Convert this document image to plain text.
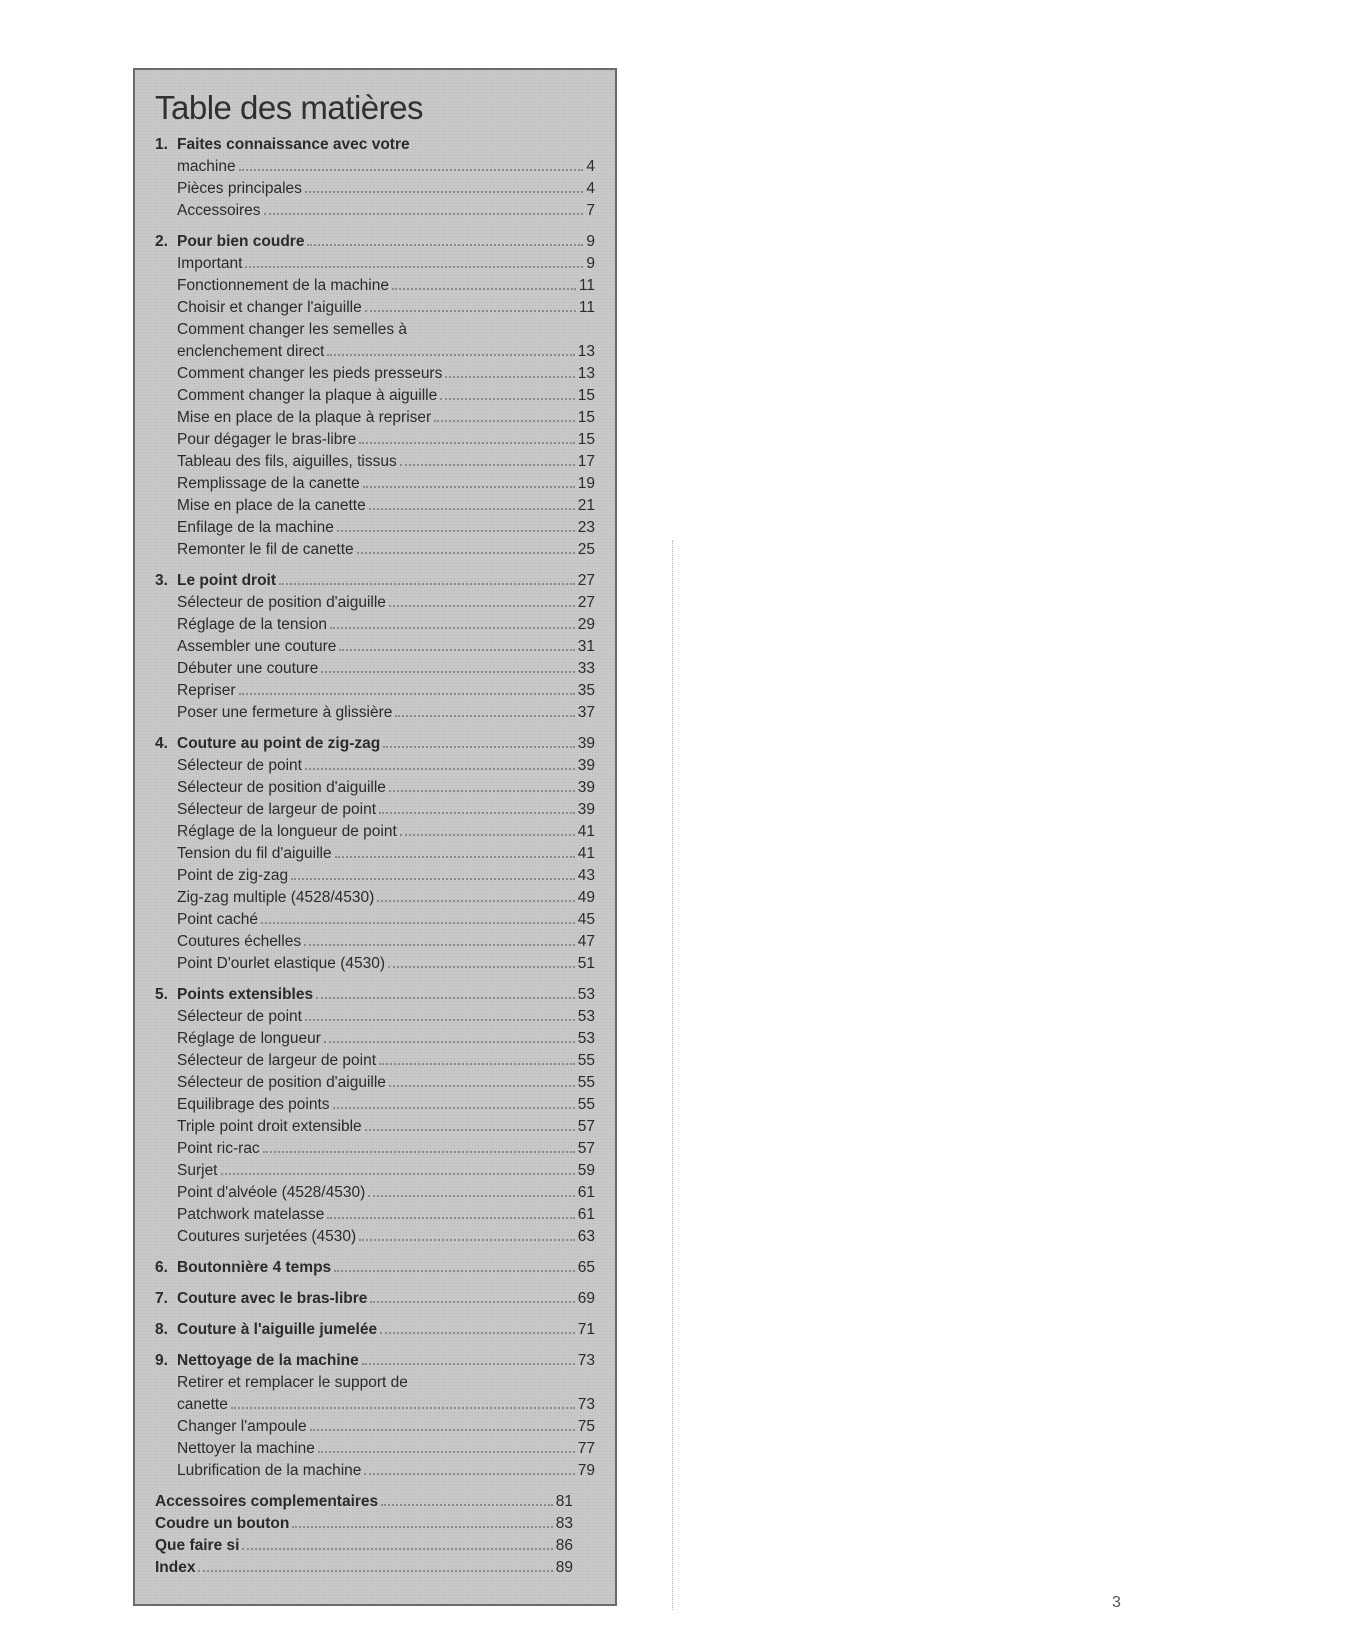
Table des matières
1. Faites connaissance avec votre
machine	4
Pièces principales	4
Accessoires	7
2. Pour bien coudre	9
Important	9
Fonctionnement de la machine	11
Choisir et changer l'aiguille	11
Comment changer les semelles à
enclenchement direct	13
Comment changer les pieds presseurs	13
Comment changer la plaque à aiguille	15
Mise en place de la plaque à repriser	15
Pour dégager le bras-libre	15
Tableau des fils, aiguilles, tissus	17
Remplissage de la canette	19
Mise en place de la canette	21
Enfilage de la machine	23
Remonter le fil de canette	25
3. Le point droit	27
Sélecteur de position d'aiguille	27
Réglage de la tension	29
Assembler une couture	31
Débuter une couture	33
Repriser	35
Poser une fermeture à glissière	37
4. Couture au point de zig-zag	39
Sélecteur de point	39
Sélecteur de position d'aiguille	39
Sélecteur de largeur de point	39
Réglage de la longueur de point	41
Tension du fil d'aiguille	41
Point de zig-zag	43
Zig-zag multiple (4528/4530)	49
Point caché	45
Coutures échelles	47
Point D'ourlet elastique (4530)	51
5. Points extensibles	53
Sélecteur de point	53
Réglage de longueur	53
Sélecteur de largeur de point	55
Sélecteur de position d'aiguille	55
Equilibrage des points	55
Triple point droit extensible	57
Point ric-rac	57
Surjet	59
Point d'alvéole (4528/4530)	61
Patchwork matelasse	61
Coutures surjetées (4530)	63
6. Boutonnière 4 temps	65
7. Couture avec le bras-libre	69
8. Couture à l'aiguille jumelée	71
9. Nettoyage de la machine	73
Retirer et remplacer le support de
canette	73
Changer l'ampoule	75
Nettoyer la machine	77
Lubrification de la machine	79
Accessoires complementaires	81
Coudre un bouton	83
Que faire si	86
Index	89
3
